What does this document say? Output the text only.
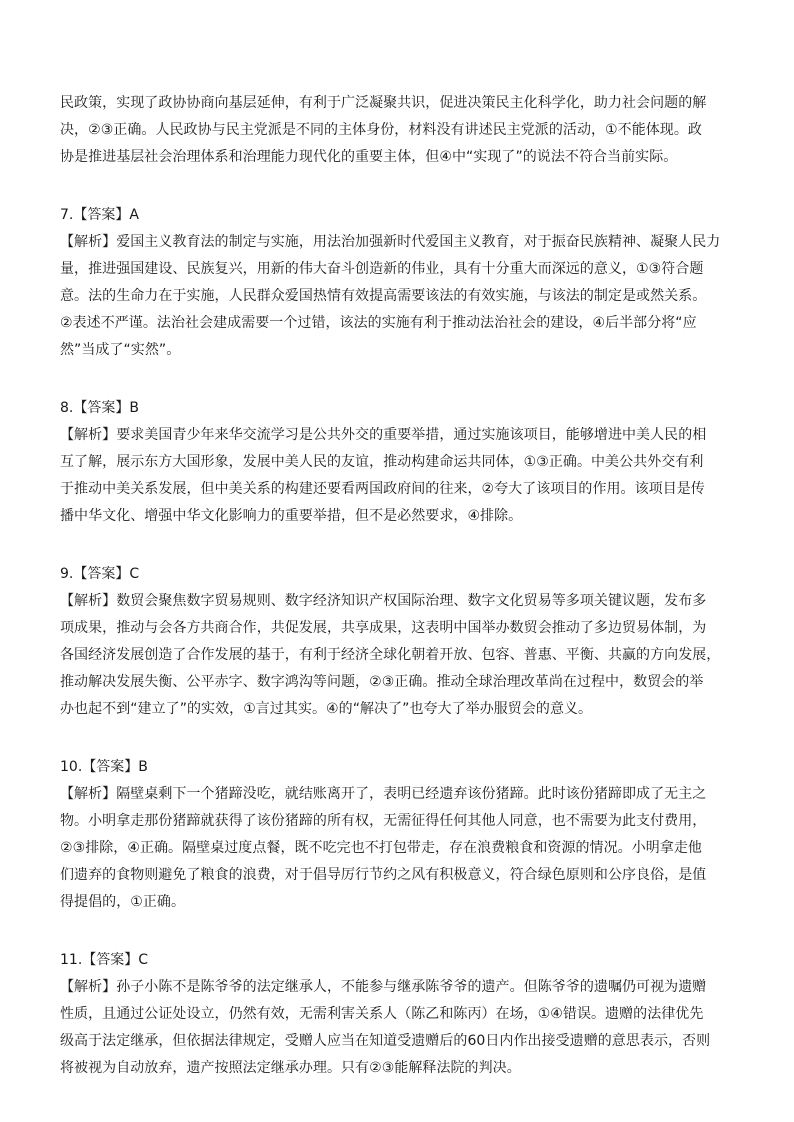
民政策，实现了政协协商向基层延伸，有利于广泛凝聚共识，促进决策民主化科学化，助力社会问题的解
决，②③正确。人民政协与民主党派是不同的主体身份，材料没有讲述民主党派的活动，①不能体现。政
协是推进基层社会治理体系和治理能力现代化的重要主体，但④中“实现了”的说法不符合当前实际。
7.【答案】A
【解析】爱国主义教育法的制定与实施，用法治加强新时代爱国主义教育，对于振奋民族精神、凝聚人民力
量，推进强国建设、民族复兴，用新的伟大奋斗创造新的伟业，具有十分重大而深远的意义，①③符合题
意。法的生命力在于实施，人民群众爱国热情有效提高需要该法的有效实施，与该法的制定是或然关系。
②表述不严谨。法治社会建成需要一个过错，该法的实施有利于推动法治社会的建设，④后半部分将“应
然”当成了“实然”。
8.【答案】B
【解析】要求美国青少年来华交流学习是公共外交的重要举措，通过实施该项目，能够增进中美人民的相
互了解，展示东方大国形象，发展中美人民的友谊，推动构建命运共同体，①③正确。中美公共外交有利
于推动中美关系发展，但中美关系的构建还要看两国政府间的往来，②夸大了该项目的作用。该项目是传
播中华文化、增强中华文化影响力的重要举措，但不是必然要求，④排除。
9.【答案】C
【解析】数贸会聚焦数字贸易规则、数字经济知识产权国际治理、数字文化贸易等多项关键议题，发布多
项成果，推动与会各方共商合作，共促发展，共享成果，这表明中国举办数贸会推动了多边贸易体制，为
各国经济发展创造了合作发展的基于，有利于经济全球化朝着开放、包容、普惠、平衡、共赢的方向发展，
推动解决发展失衡、公平赤字、数字鸿沟等问题，②③正确。推动全球治理改革尚在过程中，数贸会的举
办也起不到“建立了”的实效，①言过其实。④的“解决了”也夸大了举办服贸会的意义。
10.【答案】B
【解析】隔壁桌剩下一个猪蹄没吃，就结账离开了，表明已经遗弃该份猪蹄。此时该份猪蹄即成了无主之
物。小明拿走那份猪蹄就获得了该份猪蹄的所有权，无需征得任何其他人同意，也不需要为此支付费用，
②③排除，④正确。隔壁桌过度点餐，既不吃完也不打包带走，存在浪费粮食和资源的情况。小明拿走他
们遗弃的食物则避免了粮食的浪费，对于倡导厉行节约之风有积极意义，符合绿色原则和公序良俗，是值
得提倡的，①正确。
11.【答案】C
【解析】孙子小陈不是陈爷爷的法定继承人，不能参与继承陈爷爷的遗产。但陈爷爷的遗嘱仍可视为遗赠
性质，且通过公证处设立，仍然有效，无需利害关系人（陈乙和陈丙）在场，①④错误。遗赠的法律优先
级高于法定继承，但依据法律规定，受赠人应当在知道受遗赠后的60日内作出接受遗赠的意思表示，否则
将被视为自动放弃，遗产按照法定继承办理。只有②③能解释法院的判决。
